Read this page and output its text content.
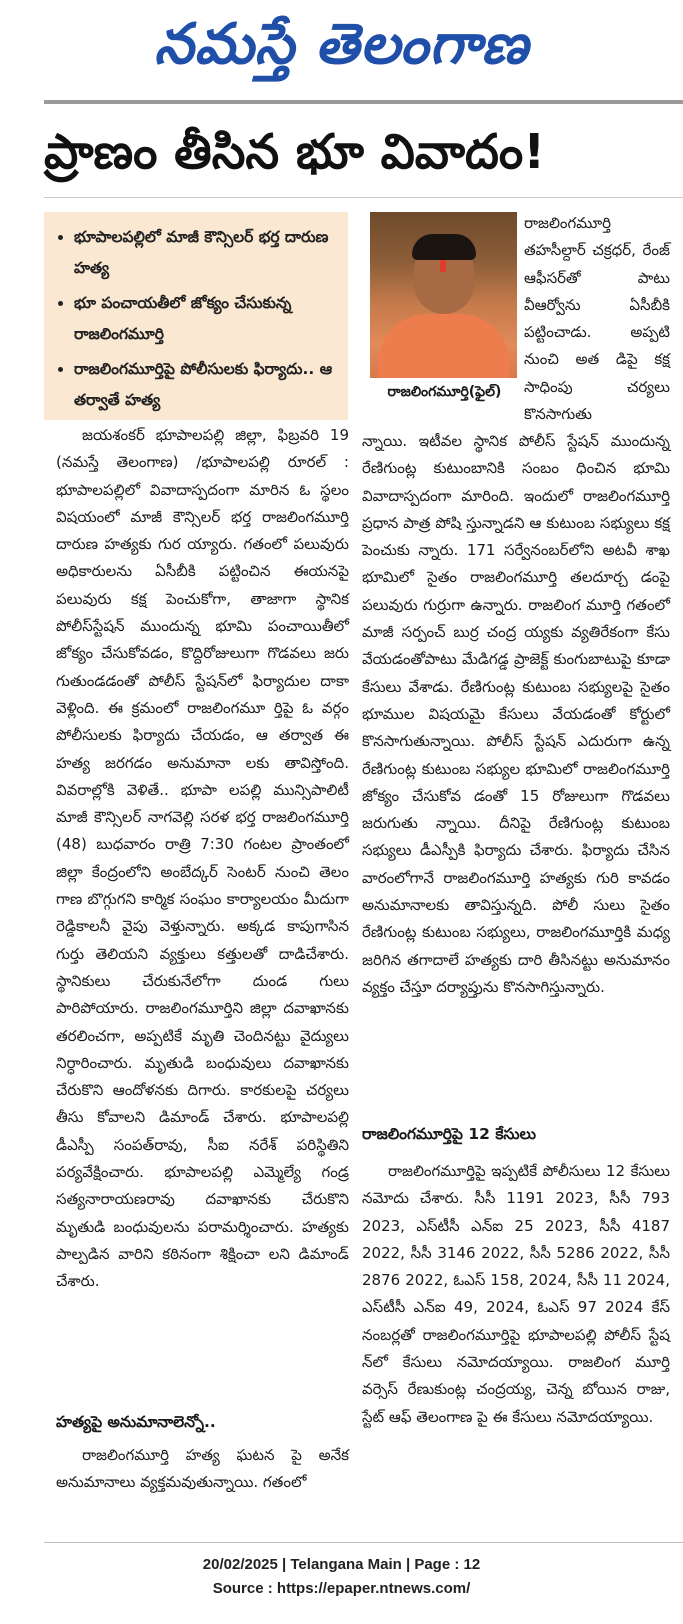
నమస్తే తెలంగాణ
ప్రాణం తీసిన భూ వివాదం!
• భూపాలపల్లిలో మాజీ కౌన్సిలర్ భర్త దారుణ హత్య
• భూ పంచాయతీలో జోక్యం చేసుకున్న రాజలింగమూర్తి
• రాజలింగమూర్తిపై పోలీసులకు ఫిర్యాదు.. ఆ తర్వాతే హత్య	రాజలింగమూర్తి(ఫైల్)

రాజలింగమూర్తి తహసీల్దార్ చక్రధర్, రేంజ్ ఆఫీసర్‌తో పాటు వీఆర్వోను ఏసీబీకి పట్టించాడు. అప్పటి నుంచి అత డిపై కక్ష సాధింపు చర్యలు కొనసాగుతు

జయశంకర్ భూపాలపల్లి జిల్లా, ఫిబ్రవరి 19 (నమస్తే తెలంగాణ) /భూపాలపల్లి రూరల్ : భూపాలపల్లిలో వివాదాస్పదంగా మారిన ఓ స్థలం విషయంలో మాజీ కౌన్సిలర్ భర్త రాజలింగమూర్తి దారుణ హత్యకు గుర య్యారు. గతంలో పలువురు అధికారులను ఏసీబీకి పట్టించిన ఈయనపై పలువురు కక్ష పెంచుకోగా, తాజాగా స్థానిక పోలీస్‌స్టేషన్ ముందున్న భూమి పంచాయితీలో జోక్యం చేసుకోవడం, కొద్దిరోజులుగా గొడవలు జరు గుతుండడంతో పోలీస్ స్టేషన్‌లో ఫిర్యాదుల దాకా వెళ్లింది. ఈ క్రమంలో రాజలింగమూ ర్తిపై ఓ వర్గం పోలీసులకు ఫిర్యాదు చేయడం, ఆ తర్వాత ఈ హత్య జరగడం అనుమానా లకు తావిస్తోంది. వివరాల్లోకి వెళితే.. భూపా లపల్లి మున్సిపాలిటీ మాజీ కౌన్సిలర్ నాగవెల్లి సరళ భర్త రాజలింగమూర్తి (48) బుధవారం రాత్రి 7:30 గంటల ప్రాంతంలో జిల్లా కేంద్రంలోని అంబేద్కర్ సెంటర్ నుంచి తెలం గాణ బొగ్గుగని కార్మిక సంఘం కార్యాలయం మీదుగా రెడ్డికాలనీ వైపు వెళ్తున్నారు. అక్కడ కాపుగాసిన గుర్తు తెలియని వ్యక్తులు కత్తులతో దాడిచేశారు. స్థానికులు చేరుకునేలోగా దుండ గులు పారిపోయారు. రాజలింగమూర్తిని జిల్లా దవాఖానకు తరలించగా, అప్పటికే మృతి చెందినట్టు వైద్యులు నిర్ధారించారు. మృతుడి బంధువులు దవాఖానకు చేరుకొని ఆందోళనకు దిగారు. కారకులపై చర్యలు తీసు కోవాలని డిమాండ్ చేశారు. భూపాలపల్లి డీఎస్పీ సంపత్‌రావు, సీఐ నరేశ్ పరిస్థితిని పర్యవేక్షించారు. భూపాలపల్లి ఎమ్మెల్యే గండ్ర సత్యనారాయణరావు దవాఖానకు చేరుకొని మృతుడి బంధువులను పరామర్శించారు. హత్యకు పాల్పడిన వారిని కఠినంగా శిక్షించా లని డిమాండ్ చేశారు.

హత్యపై అనుమానాలెన్నో..

రాజలింగమూర్తి హత్య ఘటన పై అనేక అనుమానాలు వ్యక్తమవుతున్నాయి. గతంలో

న్నాయి. ఇటీవల స్థానిక పోలీస్ స్టేషన్ ముందున్న రేణిగుంట్ల కుటుంబానికి సంబం ధించిన భూమి వివాదాస్పదంగా మారింది. ఇందులో రాజలింగమూర్తి ప్రధాన పాత్ర పోషి స్తున్నాడని ఆ కుటుంబ సభ్యులు కక్ష పెంచుకు న్నారు. 171 సర్వేనంబర్‌లోని అటవీ శాఖ భూమిలో సైతం రాజలింగమూర్తి తలదూర్చ డంపై పలువురు గుర్రుగా ఉన్నారు. రాజలింగ మూర్తి గతంలో మాజీ సర్పంచ్ బుర్ర చంద్ర య్యకు వ్యతిరేకంగా కేసు వేయడంతోపాటు మేడిగడ్డ ప్రాజెక్ట్ కుంగుబాటుపై కూడా కేసులు వేశాడు. రేణిగుంట్ల కుటుంబ సభ్యులపై సైతం భూముల విషయమై కేసులు వేయడంతో కోర్టులో కొనసాగుతున్నాయి. పోలీస్ స్టేషన్ ఎదురుగా ఉన్న రేణిగుంట్ల కుటుంబ సభ్యుల భూమిలో రాజలింగమూర్తి జోక్యం చేసుకోవ డంతో 15 రోజులుగా గొడవలు జరుగుతు న్నాయి. దీనిపై రేణిగుంట్ల కుటుంబ సభ్యులు డీఎస్పీకి ఫిర్యాదు చేశారు. ఫిర్యాదు చేసిన వారంలోగానే రాజలింగమూర్తి హత్యకు గురి కావడం అనుమానాలకు తావిస్తున్నది. పోలీ సులు సైతం రేణిగుంట్ల కుటుంబ సభ్యులు, రాజలింగమూర్తికి మధ్య జరిగిన తగాదాలే హత్యకు దారి తీసినట్టు అనుమానం వ్యక్తం చేస్తూ దర్యాప్తును కొనసాగిస్తున్నారు.

రాజలింగమూర్తిపై 12 కేసులు

రాజలింగమూర్తిపై ఇప్పటికే పోలీసులు 12 కేసులు నమోదు చేశారు. సీసీ 1191 2023, సీసీ 793 2023, ఎస్‌టీసీ ఎన్‌ఐ 25 2023, సీసీ 4187 2022, సీసీ 3146 2022, సీసీ 5286 2022, సీసీ 2876 2022, ఓఎస్ 158, 2024, సీసీ 11 2024, ఎస్‌టీసీ ఎన్‌ఐ 49, 2024, ఓఎస్ 97 2024 కేస్ నంబర్లతో రాజలింగమూర్తిపై భూపాలపల్లి పోలీస్ స్టేష న్‌లో కేసులు నమోదయ్యాయి. రాజలింగ మూర్తి వర్సెస్ రేణుకుంట్ల చంద్రయ్య, చెన్న బోయిన రాజు, స్టేట్ ఆఫ్ తెలంగాణ పై ఈ కేసులు నమోదయ్యాయి.

20/02/2025 | Telangana Main | Page : 12
Source : https://epaper.ntnews.com/
